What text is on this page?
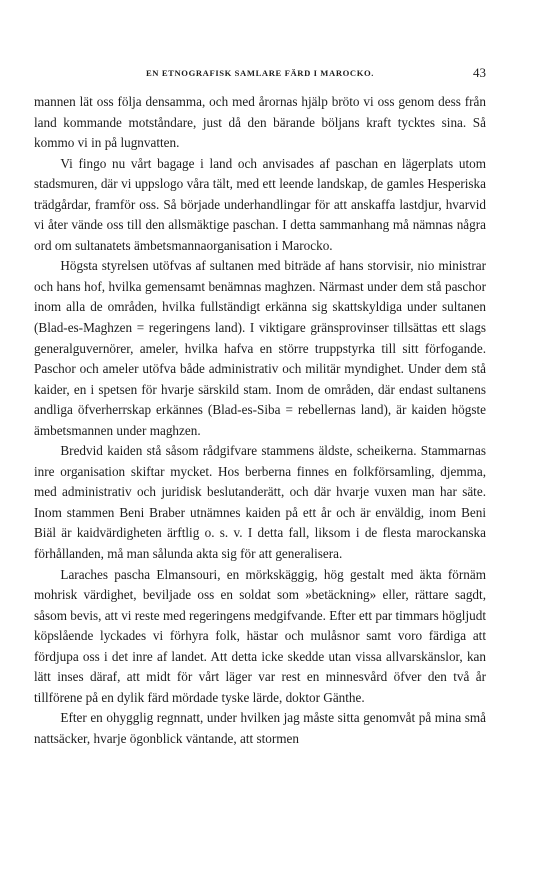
EN ETNOGRAFISK SAMLARE FÄRD I MAROCKO.	43

mannen lät oss följa densamma, och med årornas hjälp bröto vi oss genom dess från land kommande motståndare, just då den bärande böljans kraft tycktes sina. Så kommo vi in på lugnvatten.

Vi fingo nu vårt bagage i land och anvisades af paschan en lägerplats utom stadsmuren, där vi uppslogo våra tält, med ett leende landskap, de gamles Hesperiska trädgårdar, framför oss. Så började underhandlingar för att anskaffa lastdjur, hvarvid vi åter vände oss till den allsmäktige paschan. I detta sammanhang må nämnas några ord om sultanatets ämbetsmannaorganisation i Marocko.

Högsta styrelsen utöfvas af sultanen med biträde af hans storvisir, nio ministrar och hans hof, hvilka gemensamt benämnas maghzen. Närmast under dem stå paschor inom alla de områden, hvilka fullständigt erkänna sig skattskyldiga under sultanen (Blad-es-Maghzen = regeringens land). I viktigare gränsprovinser tillsättas ett slags generalguvernörer, ameler, hvilka hafva en större truppstyrka till sitt förfogande. Paschor och ameler utöfva både administrativ och militär myndighet. Under dem stå kaider, en i spetsen för hvarje särskild stam. Inom de områden, där endast sultanens andliga öfverherrskap erkännes (Blad-es-Siba = rebellernas land), är kaiden högste ämbetsmannen under maghzen.

Bredvid kaiden stå såsom rådgifvare stammens äldste, scheikerna. Stammarnas inre organisation skiftar mycket. Hos berberna finnes en folkförsamling, djemma, med administrativ och juridisk beslutanderätt, och där hvarje vuxen man har säte. Inom stammen Beni Braber utnämnes kaiden på ett år och är enväldig, inom Beni Biäl är kaidvärdigheten ärftlig o. s. v. I detta fall, liksom i de flesta marockanska förhållanden, må man sålunda akta sig för att generalisera.

Laraches pascha Elmansouri, en mörkskäggig, hög gestalt med äkta förnäm mohrisk värdighet, beviljade oss en soldat som »betäckning» eller, rättare sagdt, såsom bevis, att vi reste med regeringens medgifvande. Efter ett par timmars högljudt köpslående lyckades vi förhyra folk, hästar och mulåsnor samt voro färdiga att fördjupa oss i det inre af landet. Att detta icke skedde utan vissa allvarskänslor, kan lätt inses däraf, att midt för vårt läger var rest en minnesvård öfver den två år tillförene på en dylik färd mördade tyske lärde, doktor Gänthe.

Efter en ohygglig regnnatt, under hvilken jag måste sitta genomvåt på mina små nattsäcker, hvarje ögonblick väntande, att stormen
